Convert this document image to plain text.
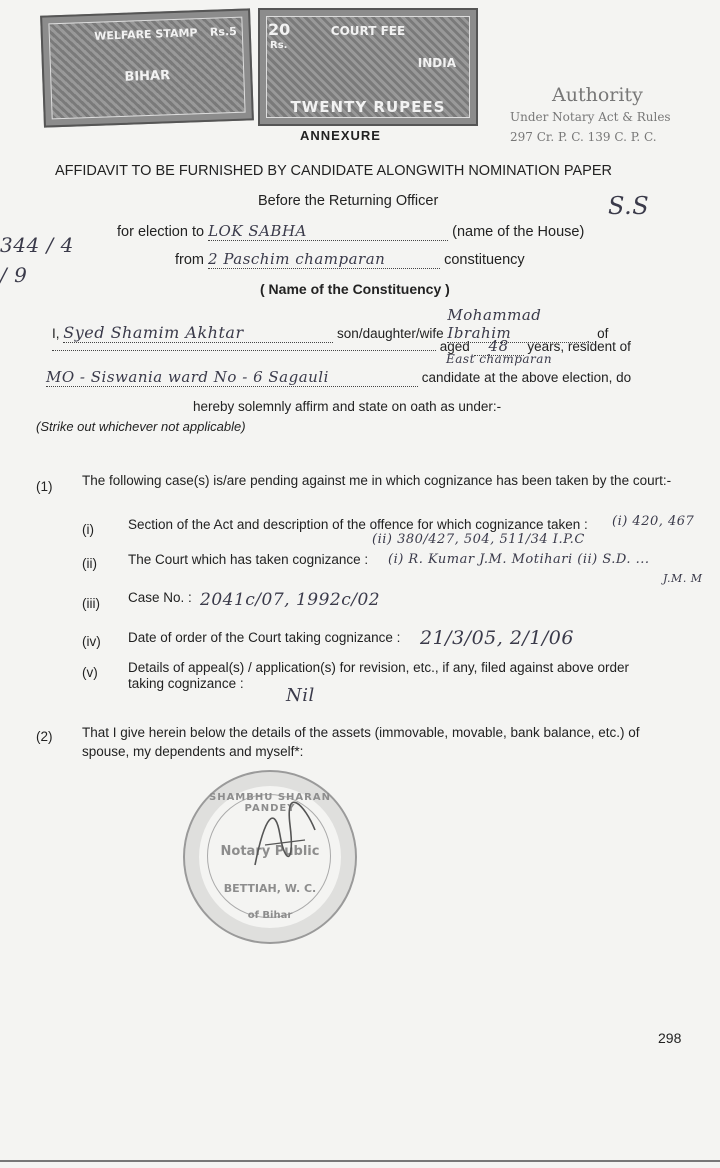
WELFARE STAMP	Rs.5
BIHAR
20
Rs.
COURT FEE
INDIA
TWENTY RUPEES
ANNEXURE
Authority
Under Notary Act & Rules
297 Cr. P. C. 139 C. P. C.
AFFIDAVIT TO BE FURNISHED BY CANDIDATE ALONGWITH NOMINATION PAPER
Before the Returning Officer
for election to LOK SABHA	(name of the House)
from 2 Paschim champaran	constituency
( Name of the Constituency )
I, Syed Shamim Akhtar	son/daughter/wife Mohammad Ibrahim	of
aged 48 years, resident of
East champaran
MO - Siswania ward No - 6 Sagauli	candidate at the above election, do
hereby solemnly affirm and state on oath as under:-
(Strike out whichever not applicable)
(1) The following case(s) is/are pending against me in which cognizance has been taken by the court:-
(i)	Section of the Act and description of the offence for which cognizance taken : (i) 420, 467
(ii) 380/427, 504, 511/34 I.P.C
(ii) The Court which has taken cognizance : (i) R. Kumar J.M. Motihari (ii) S.D. ...
J.M. M
(iii) Case No. : 2041c/07, 1992c/02
(iv) Date of order of the Court taking cognizance : 21/3/05, 2/1/06
(v) Details of appeal(s) / application(s) for revision, etc., if any, filed against above order taking cognizance :
Nil
(2) That I give herein below the details of the assets (immovable, movable, bank balance, etc.) of spouse, my dependents and myself*:
344 / 4 / 9
S.S
SHAMBHU SHARAN PANDEY
Notary Public
BETTIAH, W. C.
of Bihar
298
